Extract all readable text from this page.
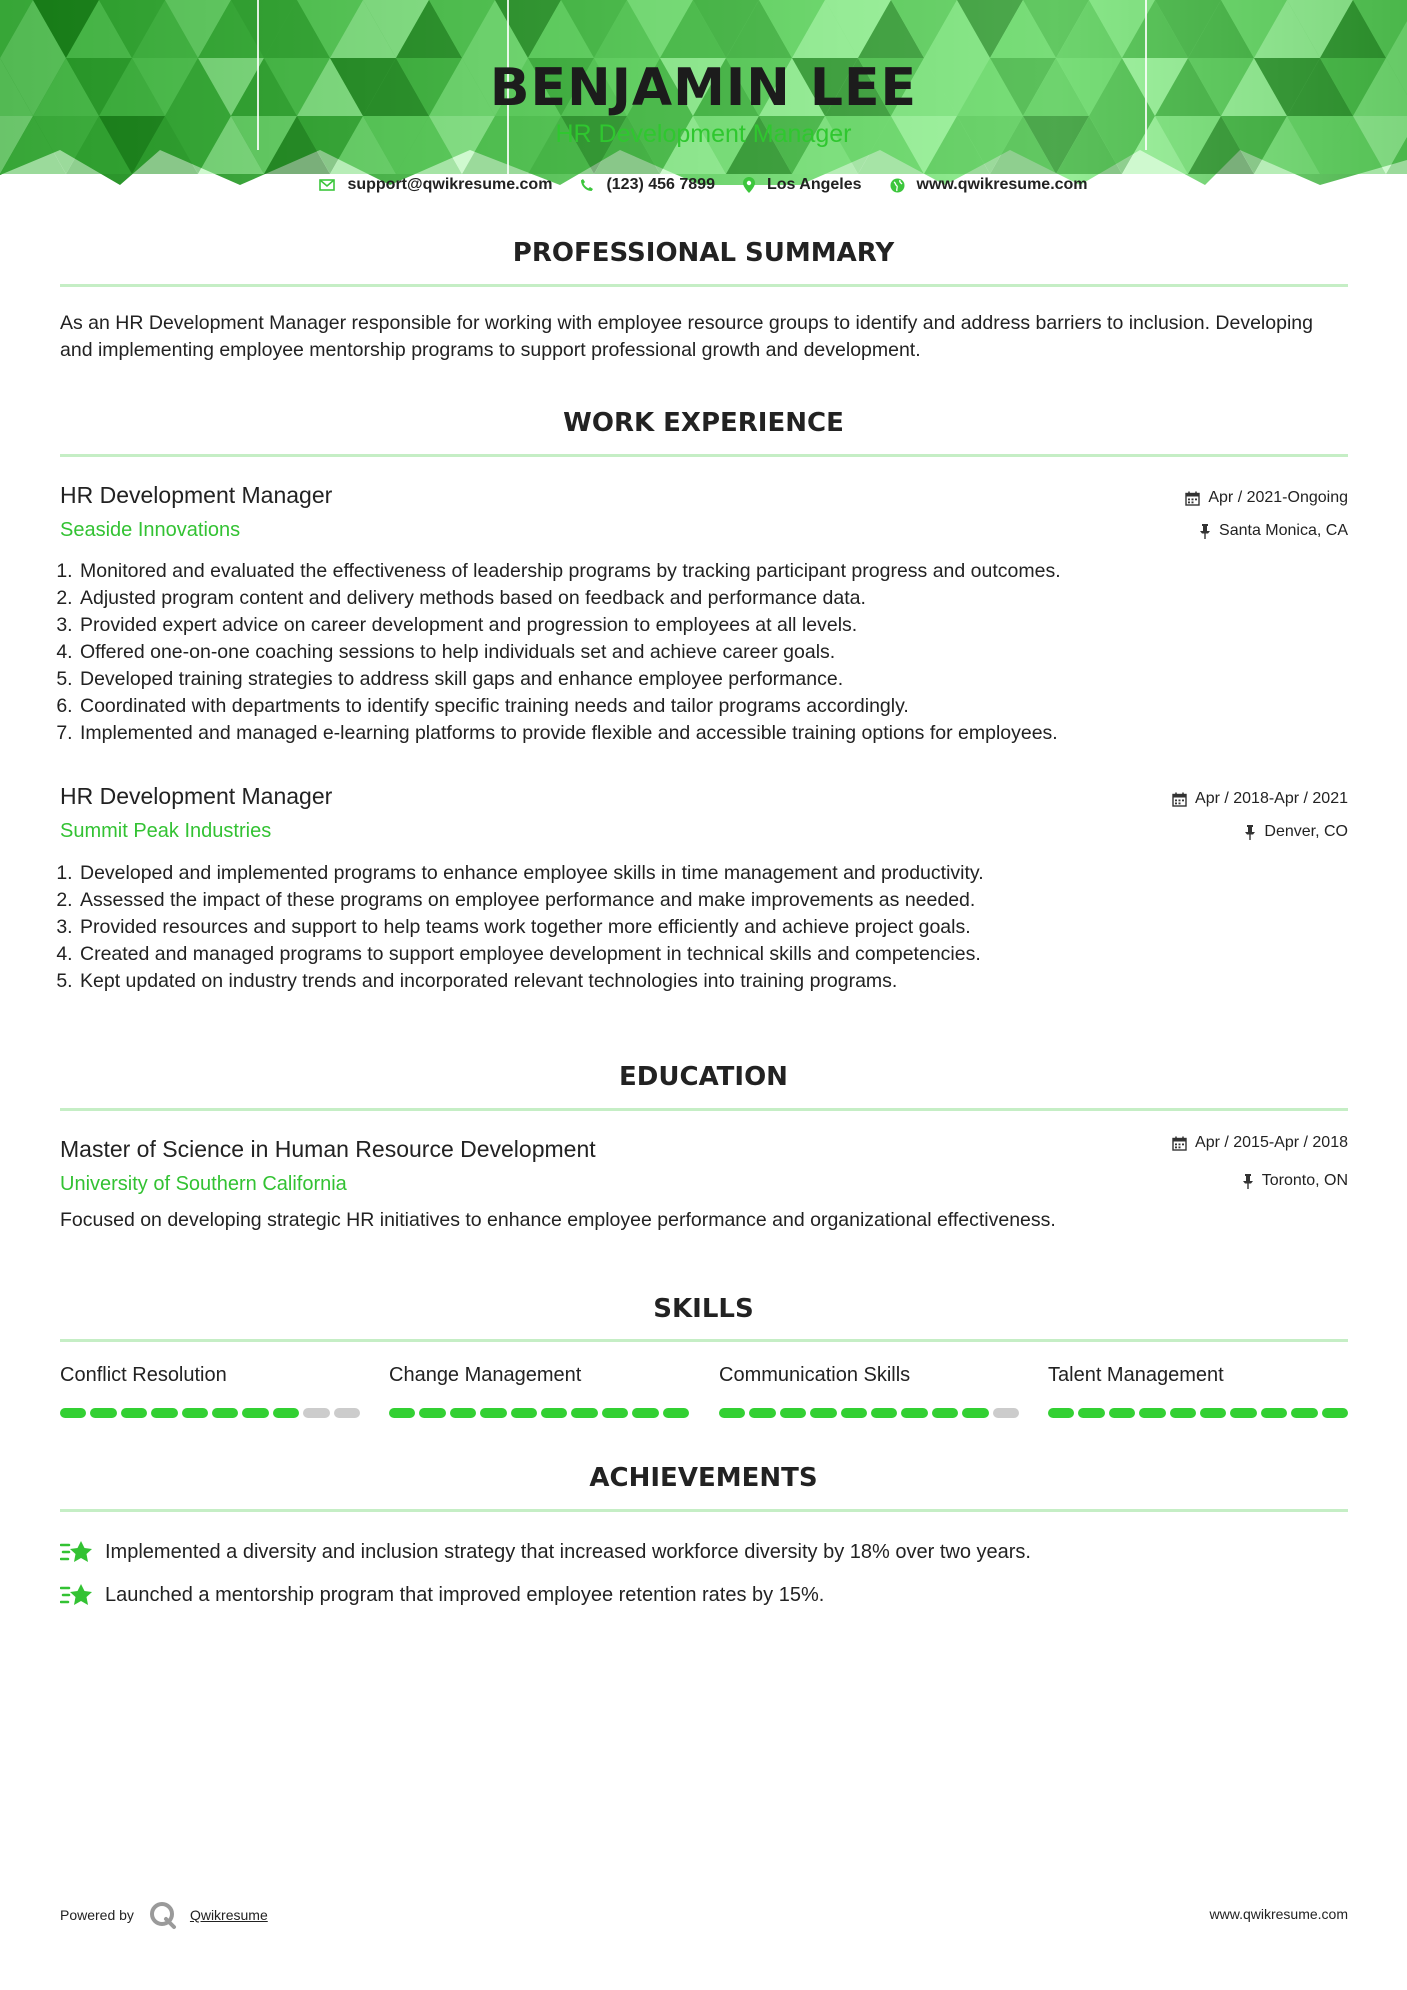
BENJAMIN LEE
HR Development Manager
support@qwikresume.com	(123) 456 7899	Los Angeles	www.qwikresume.com
PROFESSIONAL SUMMARY
As an HR Development Manager responsible for working with employee resource groups to identify and address barriers to inclusion. Developing and implementing employee mentorship programs to support professional growth and development.
WORK EXPERIENCE
HR Development Manager	Apr / 2021-Ongoing
Seaside Innovations	Santa Monica, CA
1. Monitored and evaluated the effectiveness of leadership programs by tracking participant progress and outcomes.
2. Adjusted program content and delivery methods based on feedback and performance data.
3. Provided expert advice on career development and progression to employees at all levels.
4. Offered one-on-one coaching sessions to help individuals set and achieve career goals.
5. Developed training strategies to address skill gaps and enhance employee performance.
6. Coordinated with departments to identify specific training needs and tailor programs accordingly.
7. Implemented and managed e-learning platforms to provide flexible and accessible training options for employees.
HR Development Manager	Apr / 2018-Apr / 2021
Summit Peak Industries	Denver, CO
1. Developed and implemented programs to enhance employee skills in time management and productivity.
2. Assessed the impact of these programs on employee performance and make improvements as needed.
3. Provided resources and support to help teams work together more efficiently and achieve project goals.
4. Created and managed programs to support employee development in technical skills and competencies.
5. Kept updated on industry trends and incorporated relevant technologies into training programs.
EDUCATION
Master of Science in Human Resource Development	Apr / 2015-Apr / 2018
University of Southern California	Toronto, ON
Focused on developing strategic HR initiatives to enhance employee performance and organizational effectiveness.
SKILLS
Conflict Resolution	Change Management	Communication Skills	Talent Management
ACHIEVEMENTS
Implemented a diversity and inclusion strategy that increased workforce diversity by 18% over two years.
Launched a mentorship program that improved employee retention rates by 15%.
Powered by	Qwikresume	www.qwikresume.com
